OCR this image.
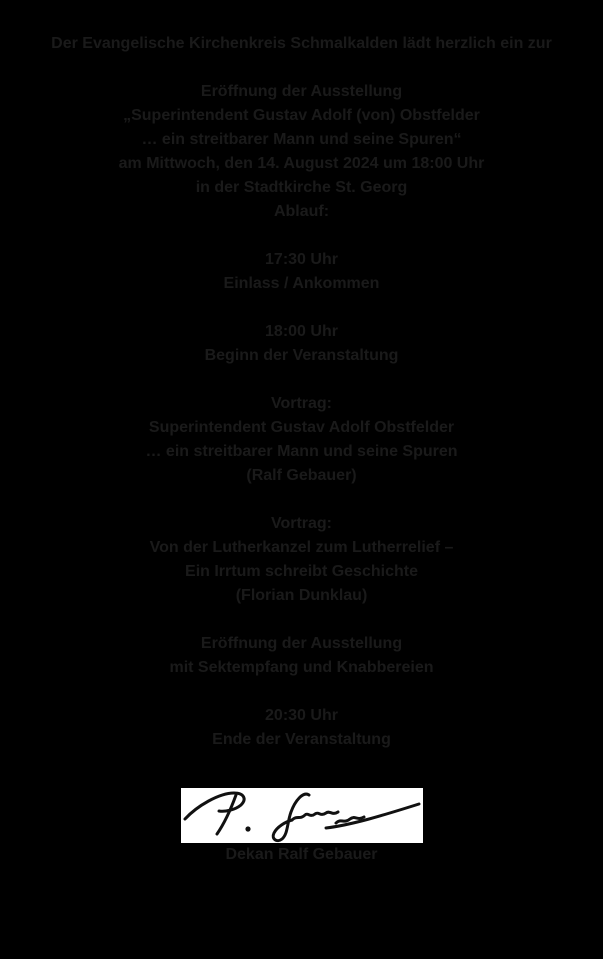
Der Evangelische Kirchenkreis Schmalkalden lädt herzlich ein zur

Eröffnung der Ausstellung

„Superintendent Gustav Adolf (von) Obstfelder

… ein streitbarer Mann und seine Spuren“

am Mittwoch, den 14. August 2024 um 18:00 Uhr

in der Stadtkirche St. Georg

Ablauf:

17:30 Uhr

Einlass / Ankommen

18:00 Uhr

Beginn der Veranstaltung

Vortrag:

Superintendent Gustav Adolf Obstfelder

… ein streitbarer Mann und seine Spuren

(Ralf Gebauer)

Vortrag:

Von der Lutherkanzel zum Lutherrelief –

Ein Irrtum schreibt Geschichte

(Florian Dunklau)

Eröffnung der Ausstellung

mit Sektempfang und Knabbereien

20:30 Uhr

Ende der Veranstaltung

Dekan Ralf Gebauer
